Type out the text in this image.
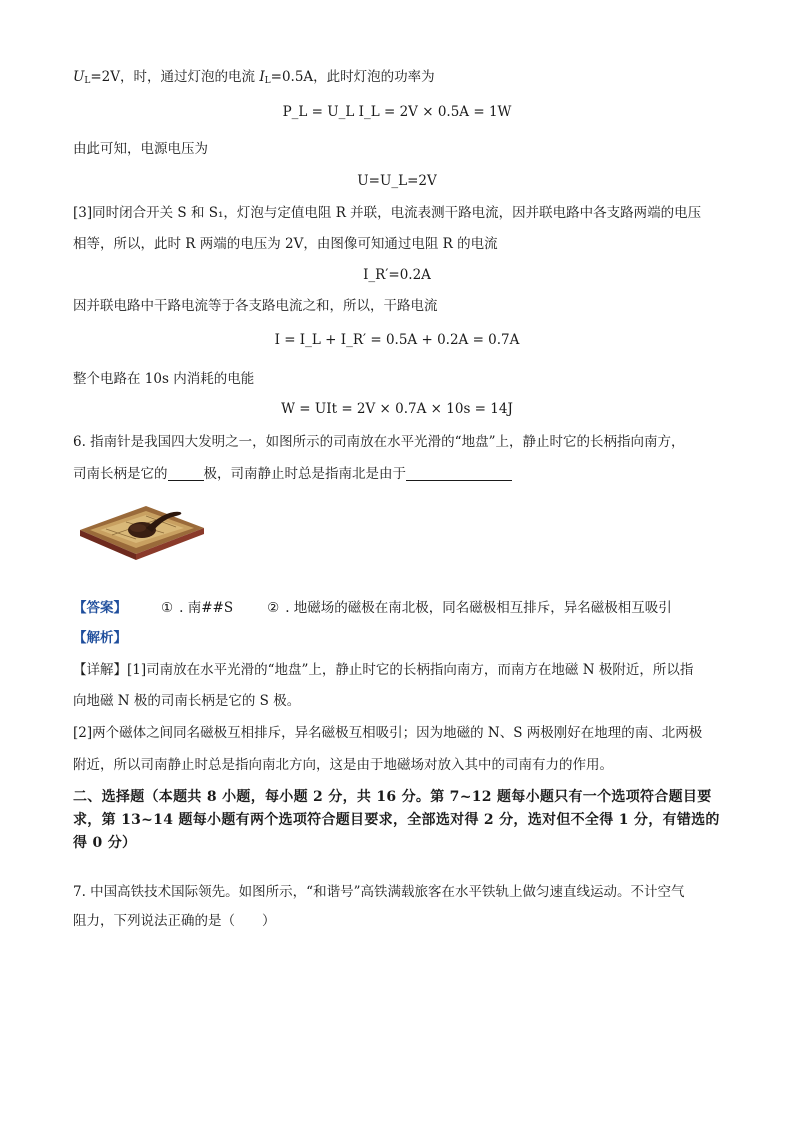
$U_L=2V$，时，通过灯泡的电流 $I_L=0.5A$，此时灯泡的功率为
P_L = U_L I_L = 2V × 0.5A = 1W
由此可知，电源电压为
U=U_L=2V
[3]同时闭合开关 S 和 S₁，灯泡与定值电阻 R 并联，电流表测干路电流，因并联电路中各支路两端的电压
相等，所以，此时 R 两端的电压为 2V，由图像可知通过电阻 R 的电流
I_R′=0.2A
因并联电路中干路电流等于各支路电流之和，所以，干路电流
I = I_L + I_R′ = 0.5A + 0.2A = 0.7A
整个电路在 10s 内消耗的电能
W = UIt = 2V × 0.7A × 10s = 14J
6. 指南针是我国四大发明之一，如图所示的司南放在水平光滑的“地盘”上，静止时它的长柄指向南方，
司南长柄是它的	极，司南静止时总是指南北是由于
【答案】	① . 南##S	② . 地磁场的磁极在南北极，同名磁极相互排斥，异名磁极相互吸引
【解析】
【详解】[1]司南放在水平光滑的“地盘”上，静止时它的长柄指向南方，而南方在地磁 N 极附近，所以指
向地磁 N 极的司南长柄是它的 S 极。
[2]两个磁体之间同名磁极互相排斥，异名磁极互相吸引；因为地磁的 N、S 两极刚好在地理的南、北两极
附近，所以司南静止时总是指向南北方向，这是由于地磁场对放入其中的司南有力的作用。
二、选择题（本题共 8 小题，每小题 2 分，共 16 分。第 7~12 题每小题只有一个选项符合题目要求，第 13~14 题每小题有两个选项符合题目要求，全部选对得 2 分，选对但不全得 1 分，有错选的得 0 分）
7. 中国高铁技术国际领先。如图所示，“和谐号”高铁满载旅客在水平铁轨上做匀速直线运动。不计空气
阻力，下列说法正确的是（　　）
